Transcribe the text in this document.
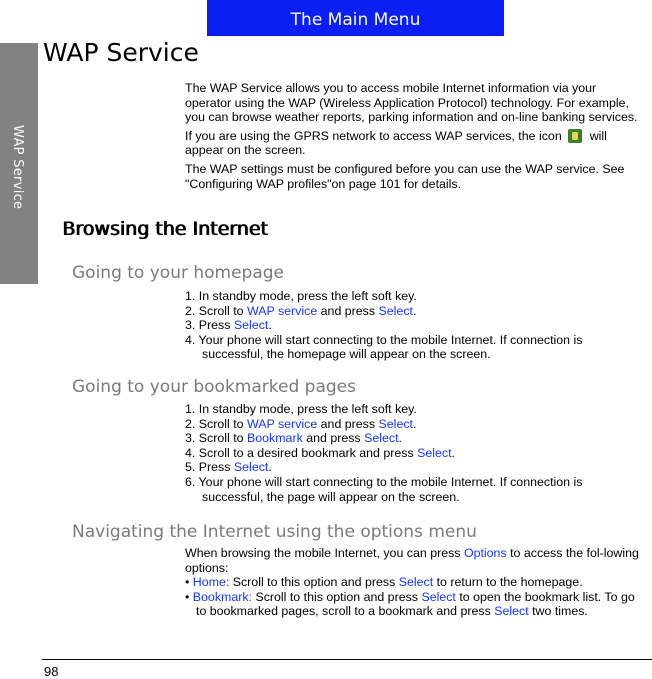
The Main Menu
WAP Service
WAP Service

The WAP Service allows you to access mobile Internet information via your operator using the WAP (Wireless Application Protocol) technology. For example, you can browse weather reports, parking information and on-line banking services.

If you are using the GPRS network to access WAP services, the icon will appear on the screen.

The WAP settings must be configured before you can use the WAP service. See "Configuring WAP profiles"on page 101 for details.

Browsing the Internet
Going to your homepage

1. In standby mode, press the left soft key.

2. Scroll to WAP service and press Select.

3. Press Select.

4. Your phone will start connecting to the mobile Internet. If connection is successful, the homepage will appear on the screen.

Going to your bookmarked pages

1. In standby mode, press the left soft key.

2. Scroll to WAP service and press Select.

3. Scroll to Bookmark and press Select.

4. Scroll to a desired bookmark and press Select.

5. Press Select.

6. Your phone will start connecting to the mobile Internet. If connection is successful, the page will appear on the screen.

Navigating the Internet using the options menu

When browsing the mobile Internet, you can press Options to access the fol-lowing options:

• Home: Scroll to this option and press Select to return to the homepage.

• Bookmark: Scroll to this option and press Select to open the bookmark list. To go to bookmarked pages, scroll to a bookmark and press Select two times.

98
